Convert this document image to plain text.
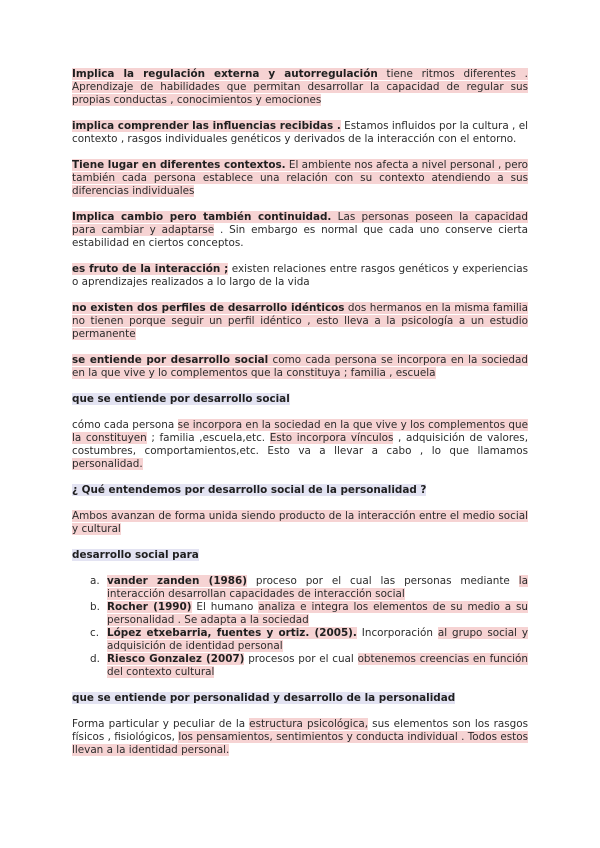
Implica la regulación externa y autorregulación tiene ritmos diferentes . Aprendizaje de habilidades que permitan desarrollar la capacidad de regular sus propias conductas , conocimientos y emociones

implica comprender las influencias recibidas . Estamos influidos por la cultura , el contexto , rasgos individuales genéticos y derivados de la interacción con el entorno.

Tiene lugar en diferentes contextos. El ambiente nos afecta a nivel personal , pero también cada persona establece una relación con su contexto atendiendo a sus diferencias individuales

Implica cambio pero también continuidad. Las personas poseen la capacidad para cambiar y adaptarse . Sin embargo es normal que cada uno conserve cierta estabilidad en ciertos conceptos.

es fruto de la interacción ; existen relaciones entre rasgos genéticos y experiencias o aprendizajes realizados a lo largo de la vida

no existen dos perfiles de desarrollo idénticos dos hermanos en la misma familia no tienen porque seguir un perfil idéntico , esto lleva a la psicología a un estudio permanente

se entiende por desarrollo social como cada persona se incorpora en la sociedad en la que vive y lo complementos que la constituya ; familia , escuela

que se entiende por desarrollo social

cómo cada persona se incorpora en la sociedad en la que vive y los complementos que la constituyen ; familia ,escuela,etc. Esto incorpora vínculos , adquisición de valores, costumbres, comportamientos,etc. Esto va a llevar a cabo , lo que llamamos personalidad.

¿ Qué entendemos por desarrollo social de la personalidad ?

Ambos avanzan de forma unida siendo producto de la interacción entre el medio social y cultural

desarrollo social para
a. vander zanden (1986) proceso por el cual las personas mediante la interacción desarrollan capacidades de interacción social
b. Rocher (1990) El humano analiza e integra los elementos de su medio a su personalidad . Se adapta a la sociedad
c. López etxebarria, fuentes y ortiz. (2005). Incorporación al grupo social y adquisición de identidad personal
d. Riesco Gonzalez (2007) procesos por el cual obtenemos creencias en función del contexto cultural
que se entiende por personalidad y desarrollo de la personalidad

Forma particular y peculiar de la estructura psicológica, sus elementos son los rasgos físicos , fisiológicos, los pensamientos, sentimientos y conducta individual . Todos estos llevan a la identidad personal.
